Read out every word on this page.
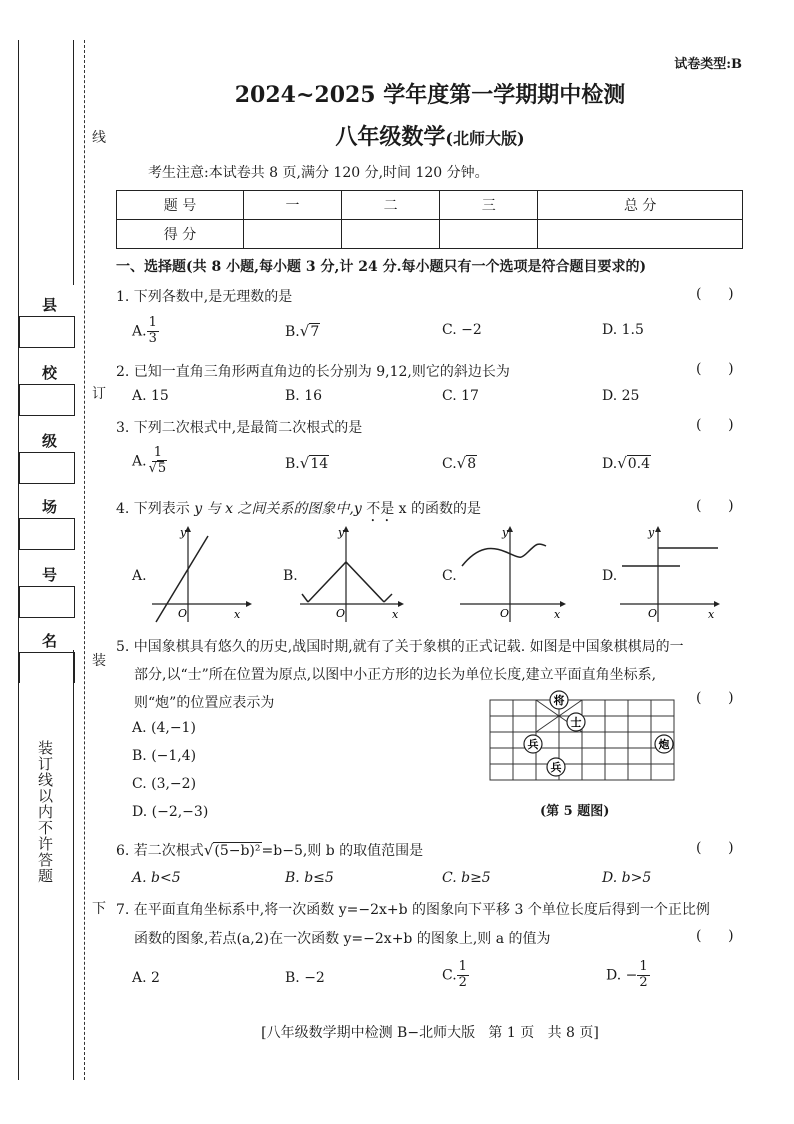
县
校
级
场
号
名
装订线以内不许答题
线
订
装
下
试卷类型:B
2024~2025 学年度第一学期期中检测
八年级数学(北师大版)
考生注意:本试卷共 8 页,满分 120 分,时间 120 分钟。
题 号	一	二	三	总 分
得 分				
一、选择题(共 8 小题,每小题 3 分,计 24 分.每小题只有一个选项是符合题目要求的)
1. 下列各数中,是无理数的是	(      )
A. $\frac{1}{3}$	B.√7	C. −2	D. 1.5
2. 已知一直角三角形两直角边的长分别为 9,12,则它的斜边长为	(      )
A. 15	B. 16	C. 17	D. 25
3. 下列二次根式中,是最简二次根式的是	(      )
A. $\frac{1}{√5}$	B.√14	C.√8	D.√0.4
4. 下列表示 y 与 x 之间关系的图象中,y 不是 x 的函数的是	(      )
A.
y
x
O
B.
y
x
O
C.
y
x
O
D.
y
x
O
5. 中国象棋具有悠久的历史,战国时期,就有了关于象棋的正式记载. 如图是中国象棋棋局的一
部分,以“士”所在位置为原点,以图中小正方形的边长为单位长度,建立平面直角坐标系,
则“炮”的位置应表示为	(      )
A. (4,−1)
B. (−1,4)
C. (3,−2)
D. (−2,−3)
将
士
兵
兵
炮
(第 5 题图)
6. 若二次根式√(5−b)²=b−5,则 b 的取值范围是	(      )
A. b<5	B. b≤5	C. b≥5	D. b>5
7. 在平面直角坐标系中,将一次函数 y=−2x+b 的图象向下平移 3 个单位长度后得到一个正比例
函数的图象,若点(a,2)在一次函数 y=−2x+b 的图象上,则 a 的值为	(      )
A. 2	B. −2	C. $\frac{1}{2}$	D. − $\frac{1}{2}$
[八年级数学期中检测 B−北师大版   第 1 页   共 8 页]
